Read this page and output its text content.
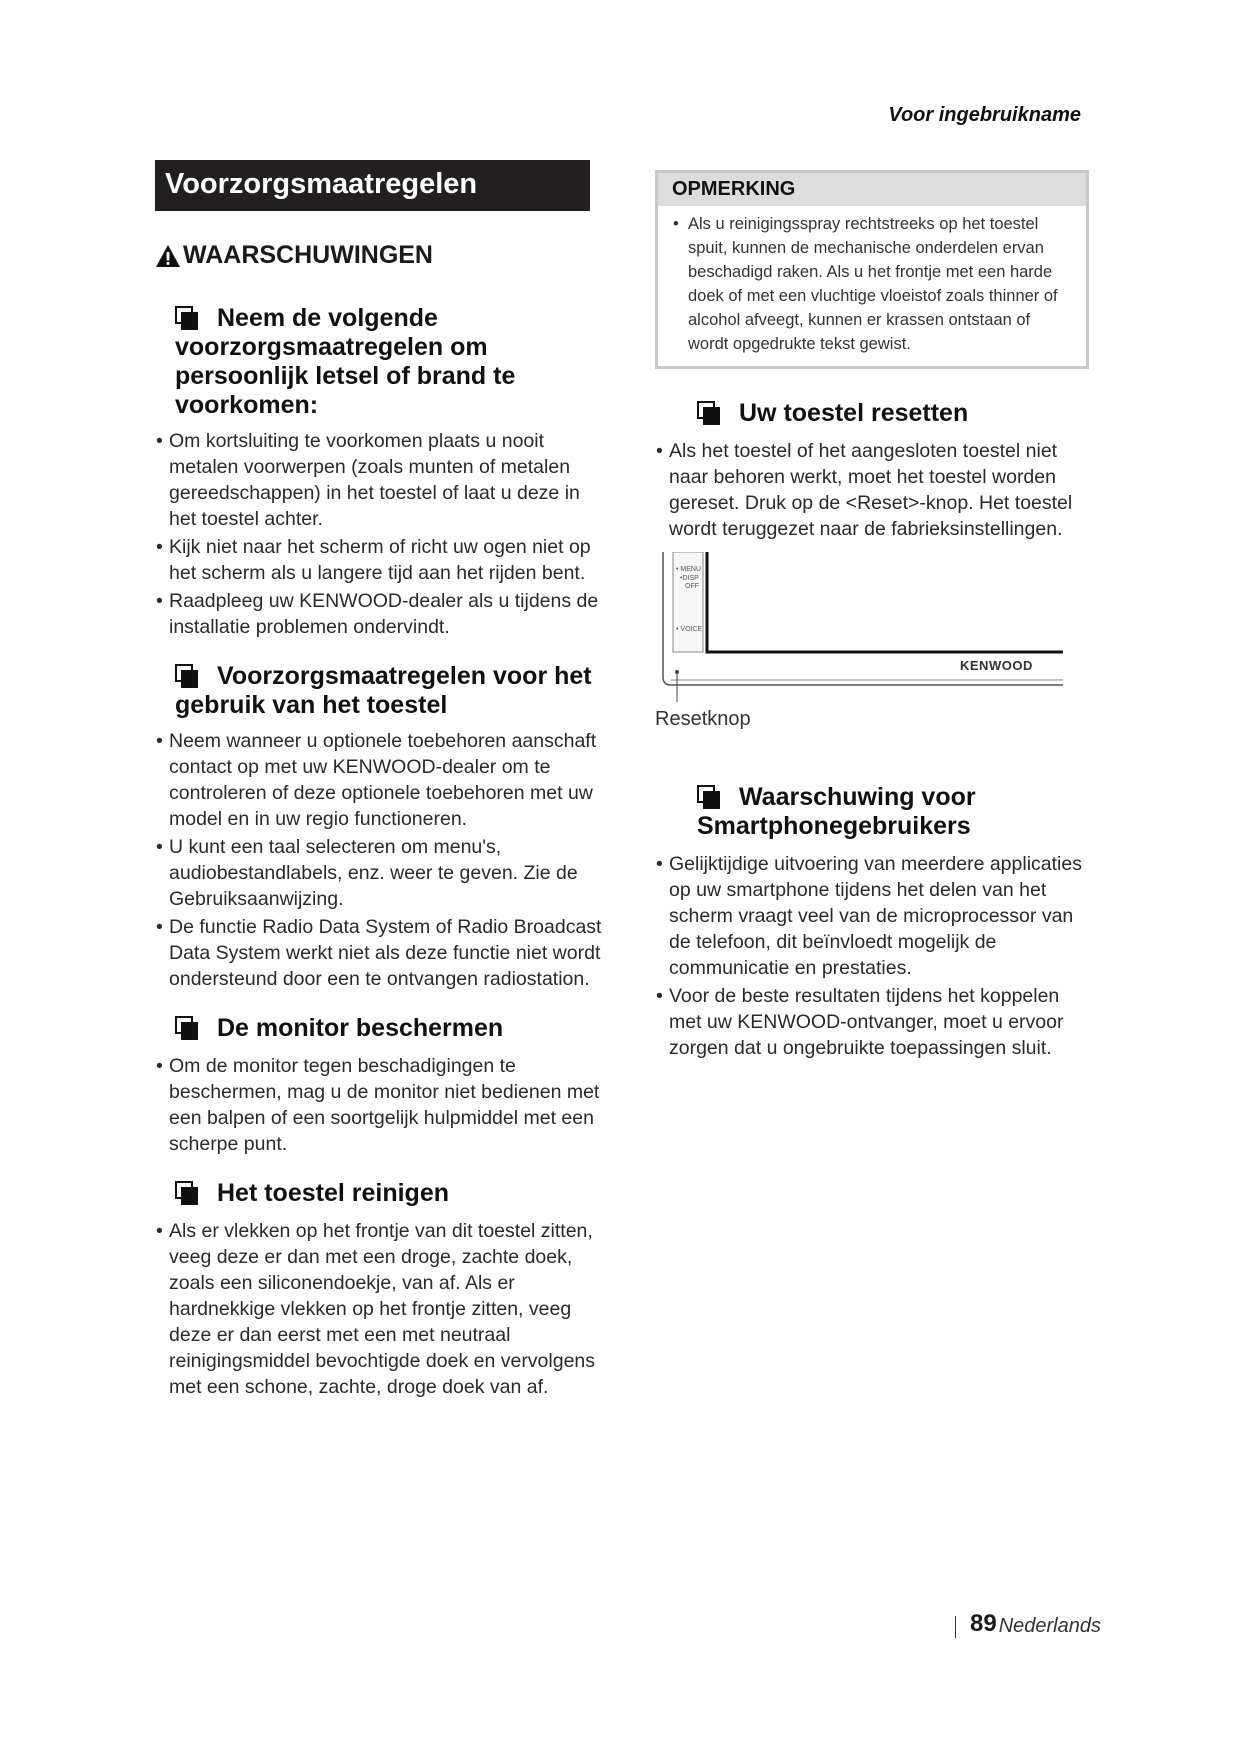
Voor ingebruikname
Voorzorgsmaatregelen
WAARSCHUWINGEN
Neem de volgende voorzorgsmaatregelen om persoonlijk letsel of brand te voorkomen:
• Om kortsluiting te voorkomen plaats u nooit metalen voorwerpen (zoals munten of metalen gereedschappen) in het toestel of laat u deze in het toestel achter.
• Kijk niet naar het scherm of richt uw ogen niet op het scherm als u langere tijd aan het rijden bent.
• Raadpleeg uw KENWOOD-dealer als u tijdens de installatie problemen ondervindt.
Voorzorgsmaatregelen voor het gebruik van het toestel
• Neem wanneer u optionele toebehoren aanschaft contact op met uw KENWOOD-dealer om te controleren of deze optionele toebehoren met uw model en in uw regio functioneren.
• U kunt een taal selecteren om menu's, audiobestandlabels, enz. weer te geven. Zie de Gebruiksaanwijzing.
• De functie Radio Data System of Radio Broadcast Data System werkt niet als deze functie niet wordt ondersteund door een te ontvangen radiostation.
De monitor beschermen
• Om de monitor tegen beschadigingen te beschermen, mag u de monitor niet bedienen met een balpen of een soortgelijk hulpmiddel met een scherpe punt.
Het toestel reinigen
• Als er vlekken op het frontje van dit toestel zitten, veeg deze er dan met een droge, zachte doek, zoals een siliconendoekje, van af. Als er hardnekkige vlekken op het frontje zitten, veeg deze er dan eerst met een met neutraal reinigingsmiddel bevochtigde doek en vervolgens met een schone, zachte, droge doek van af.
OPMERKING
• Als u reinigingsspray rechtstreeks op het toestel spuit, kunnen de mechanische onderdelen ervan beschadigd raken. Als u het frontje met een harde doek of met een vluchtige vloeistof zoals thinner of alcohol afveegt, kunnen er krassen ontstaan of wordt opgedrukte tekst gewist.
Uw toestel resetten
• Als het toestel of het aangesloten toestel niet naar behoren werkt, moet het toestel worden gereset. Druk op de <Reset>-knop. Het toestel wordt teruggezet naar de fabrieksinstellingen.
• MENU
•DISP
OFF
• VOICE
KENWOOD
Resetknop
Waarschuwing voor Smartphonegebruikers
• Gelijktijdige uitvoering van meerdere applicaties op uw smartphone tijdens het delen van het scherm vraagt veel van de microprocessor van de telefoon, dit beïnvloedt mogelijk de communicatie en prestaties.
• Voor de beste resultaten tijdens het koppelen met uw KENWOOD-ontvanger, moet u ervoor zorgen dat u ongebruikte toepassingen sluit.
89 Nederlands
